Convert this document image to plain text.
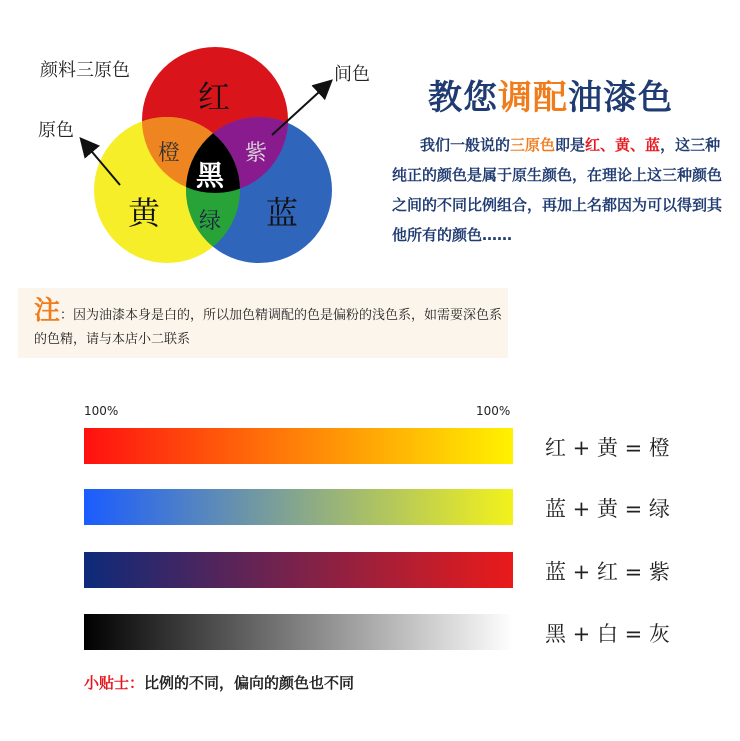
颜料三原色
原色
间色
红
黄	蓝
橙	紫
绿
黑
教您调配油漆色
我们一般说的三原色即是红、黄、蓝，这三种纯正的颜色是属于原生颜色，在理论上这三种颜色之间的不同比例组合，再加上名都因为可以得到其他所有的颜色……
注 ：因为油漆本身是白的，所以加色精调配的色是偏粉的浅色系，如需要深色系的色精，请与本店小二联系
100%	100%
红 + 黄 = 橙
蓝 + 黄 = 绿
蓝 + 红 = 紫
黑 + 白 = 灰
小贴士：比例的不同，偏向的颜色也不同
